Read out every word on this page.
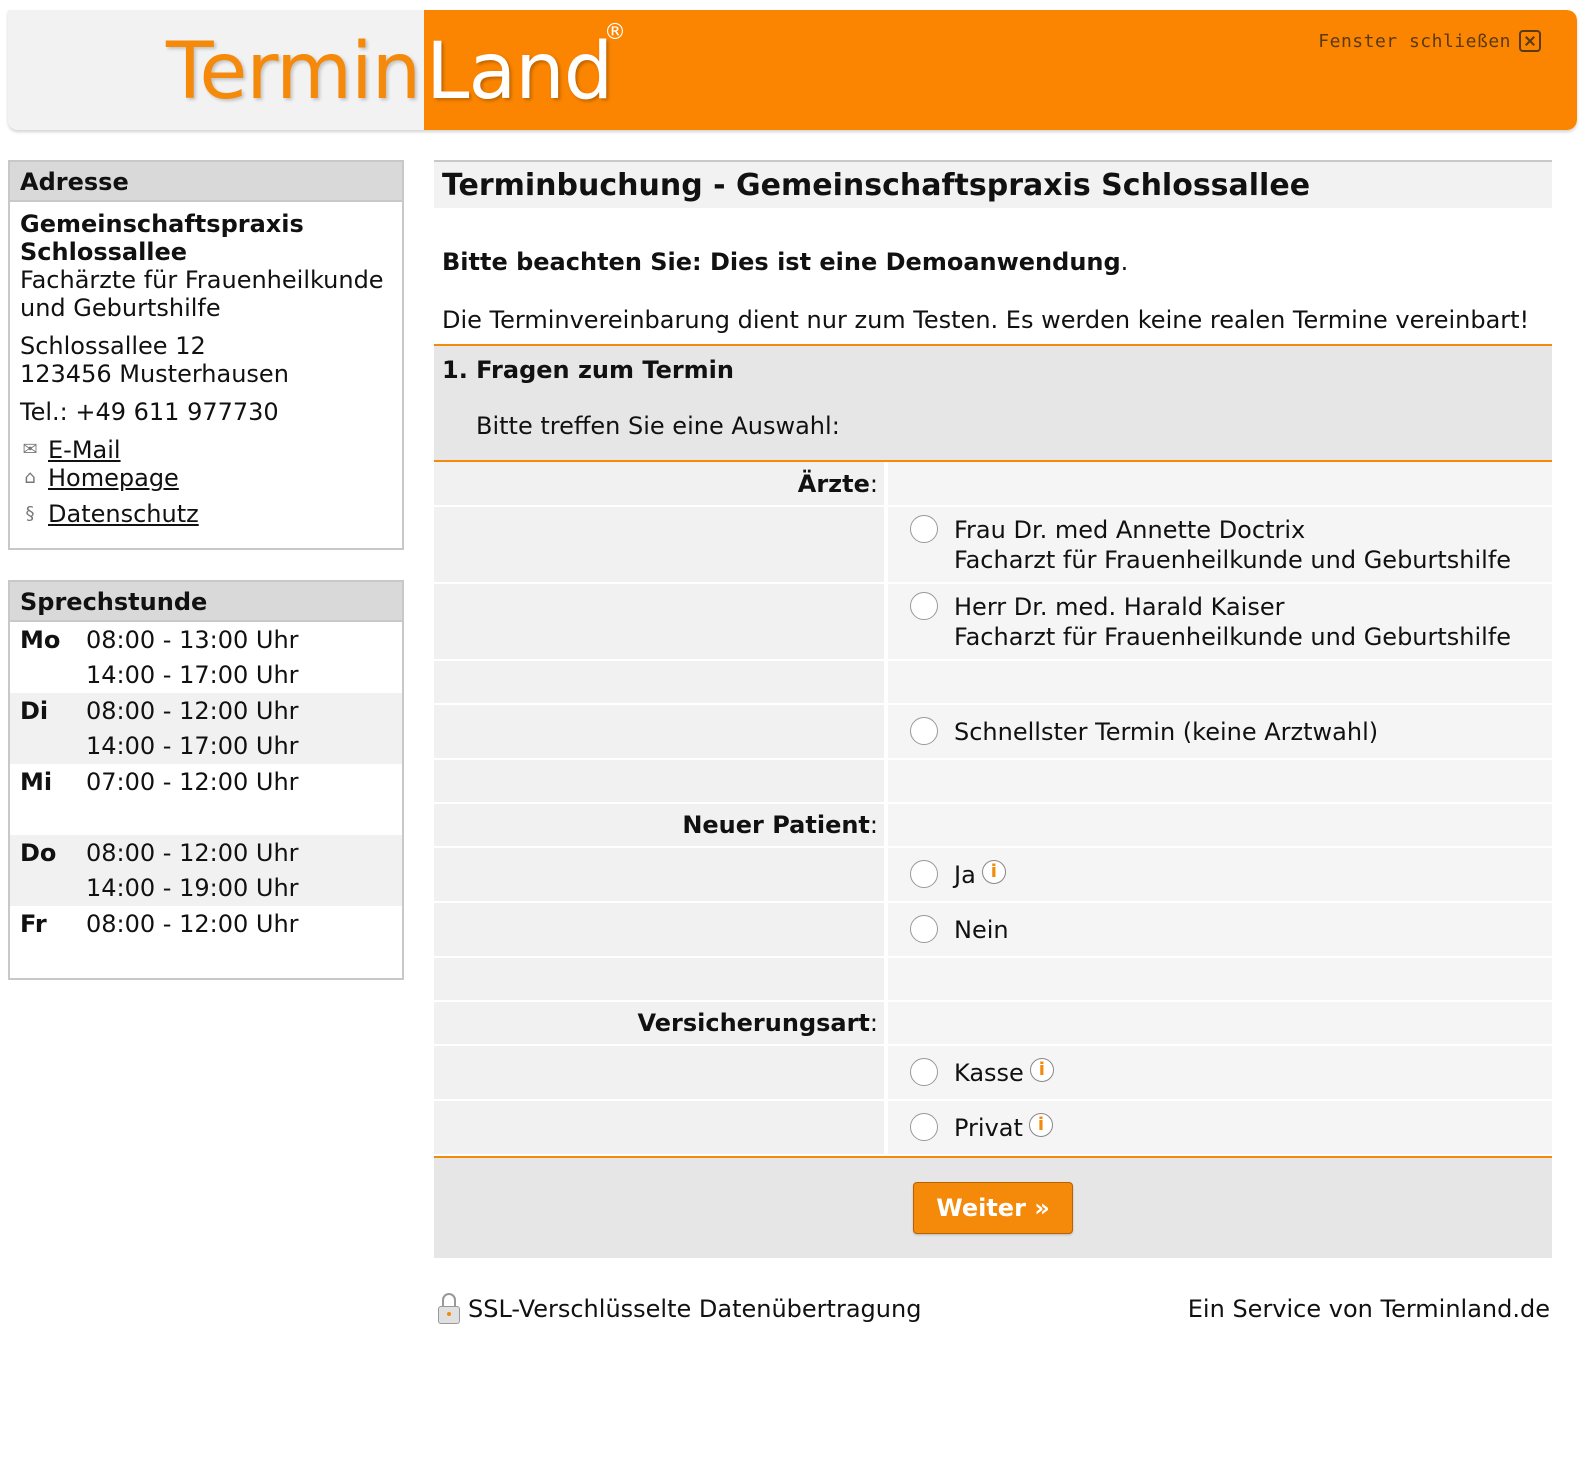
Termin Land
®	Fenster schließen
Adresse
Gemeinschaftspraxis
Schlossallee
Fachärzte für Frauenheilkunde
und Geburtshilfe
Schlossallee 12
123456 Musterhausen
Tel.: +49 611 977730
✉ E-Mail
⌂ Homepage
§ Datenschutz
Sprechstunde
Mo	08:00 - 13:00 Uhr
	14:00 - 17:00 Uhr
Di	08:00 - 12:00 Uhr
	14:00 - 17:00 Uhr
Mi	07:00 - 12:00 Uhr

Do	08:00 - 12:00 Uhr
	14:00 - 19:00 Uhr
Fr	08:00 - 12:00 Uhr
Terminbuchung - Gemeinschaftspraxis Schlossallee
Bitte beachten Sie: Dies ist eine Demoanwendung.
Die Terminvereinbarung dient nur zum Testen. Es werden keine realen Termine vereinbart!
1. Fragen zum Termin
Bitte treffen Sie eine Auswahl:
Ärzte:	

	Frau Dr. med Annette Doctrix
Facharzt für Frauenheilkunde und Geburtshilfe

	Herr Dr. med. Harald Kaiser
Facharzt für Frauenheilkunde und Geburtshilfe

	Schnellster Termin (keine Arztwahl)

Neuer Patient:	

	Ja
i

	Nein

Versicherungsart:	

	Kasse
i

	Privat
i
Weiter »
SSL-Verschlüsselte Datenübertragung	Ein Service von Terminland.de
